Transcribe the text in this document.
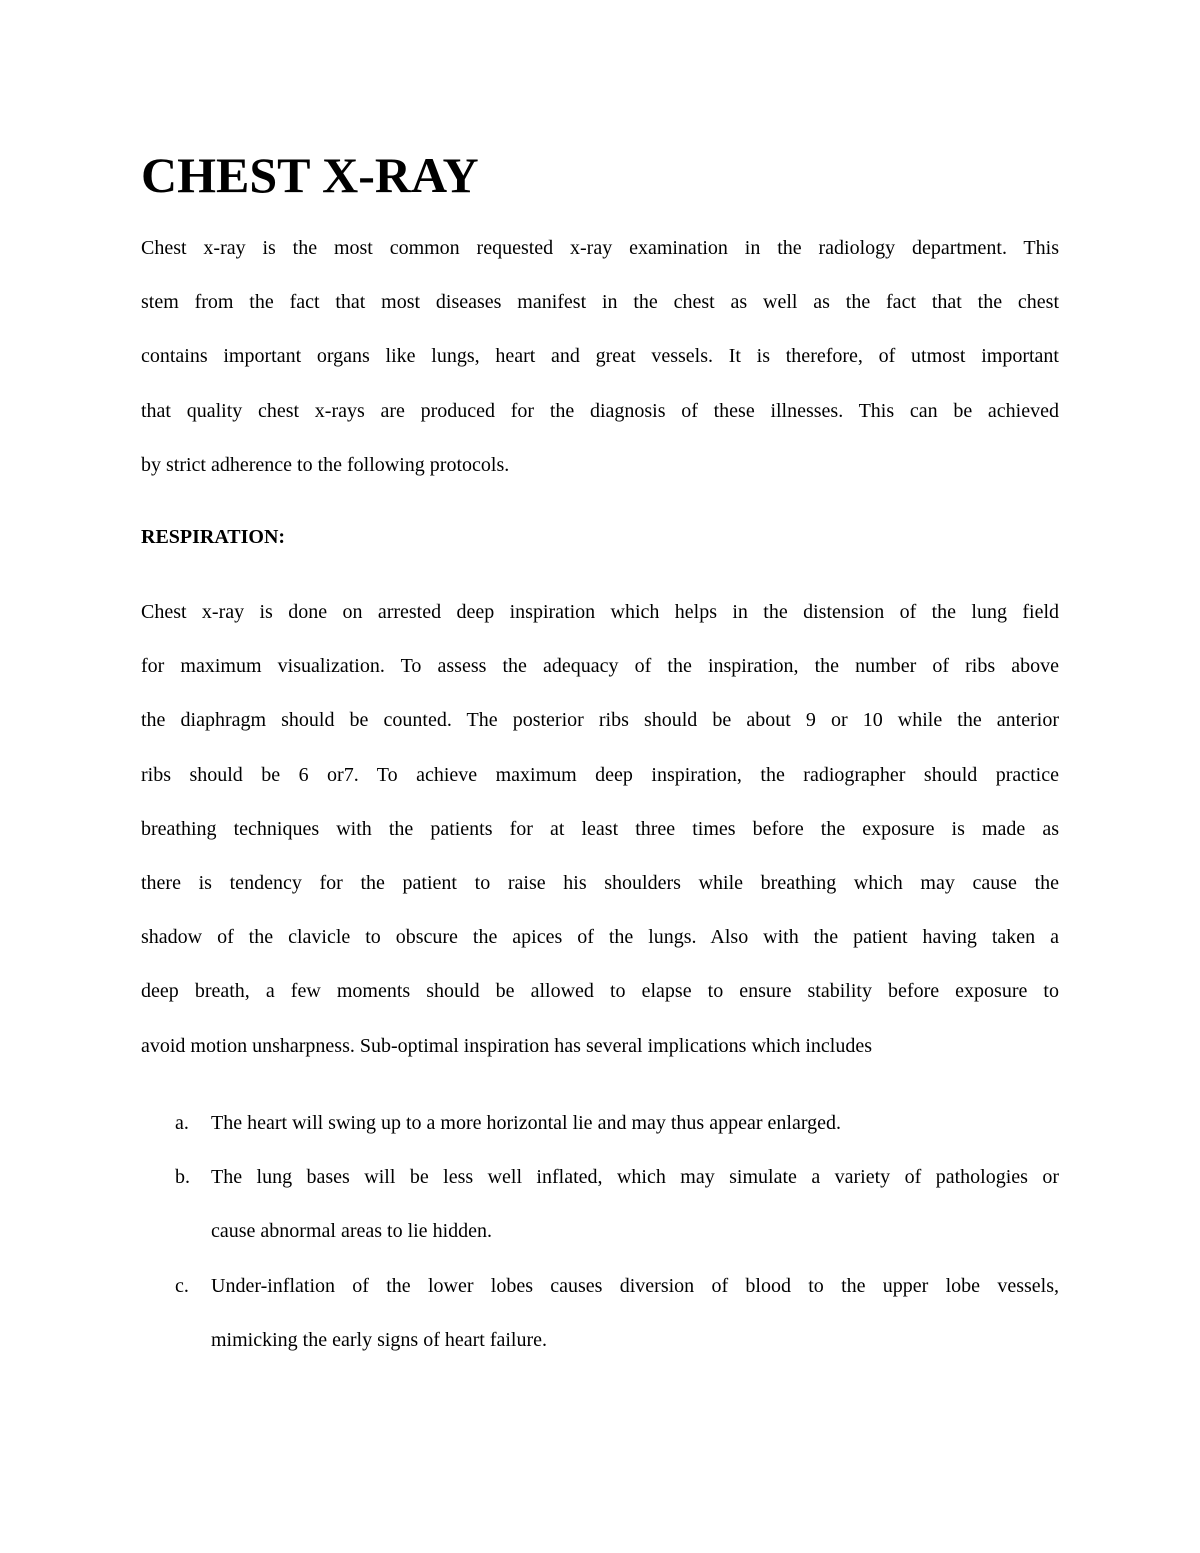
CHEST X-RAY
Chest x-ray is the most common requested x-ray examination in the radiology department. This
stem from the fact that most diseases manifest in the chest as well as the fact that the chest
contains important organs like lungs, heart and great vessels. It is therefore, of utmost important
that quality chest x-rays are produced for the diagnosis of these illnesses. This can be achieved
by strict adherence to the following protocols.
RESPIRATION:
Chest x-ray is done on arrested deep inspiration which helps in the distension of the lung field
for maximum visualization. To assess the adequacy of the inspiration, the number of ribs above
the diaphragm should be counted. The posterior ribs should be about 9 or 10 while the anterior
ribs should be 6 or7. To achieve maximum deep inspiration, the radiographer should practice
breathing techniques with the patients for at least three times before the exposure is made as
there is tendency for the patient to raise his shoulders while breathing which may cause the
shadow of the clavicle to obscure the apices of the lungs. Also with the patient having taken a
deep breath, a few moments should be allowed to elapse to ensure stability before exposure to
avoid motion unsharpness. Sub-optimal inspiration has several implications which includes
a. The heart will swing up to a more horizontal lie and may thus appear enlarged.
b. The lung bases will be less well inflated, which may simulate a variety of pathologies or
cause abnormal areas to lie hidden.
c. Under-inflation of the lower lobes causes diversion of blood to the upper lobe vessels,
mimicking the early signs of heart failure.
